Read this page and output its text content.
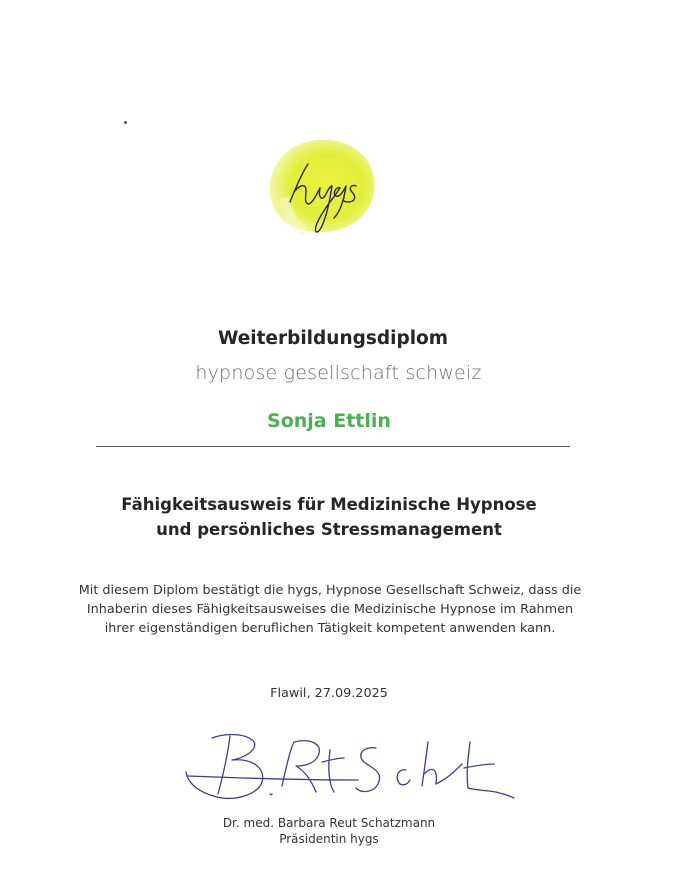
hypnose gesellschaft schweiz
Weiterbildungsdiplom
Sonja Ettlin
Fähigkeitsausweis für Medizinische Hypnose
und persönliches Stressmanagement
Mit diesem Diplom bestätigt die hygs, Hypnose Gesellschaft Schweiz, dass die
Inhaberin dieses Fähigkeitsausweises die Medizinische Hypnose im Rahmen
ihrer eigenständigen beruflichen Tätigkeit kompetent anwenden kann.
Flawil, 27.09.2025
Dr. med. Barbara Reut Schatzmann
Präsidentin hygs
